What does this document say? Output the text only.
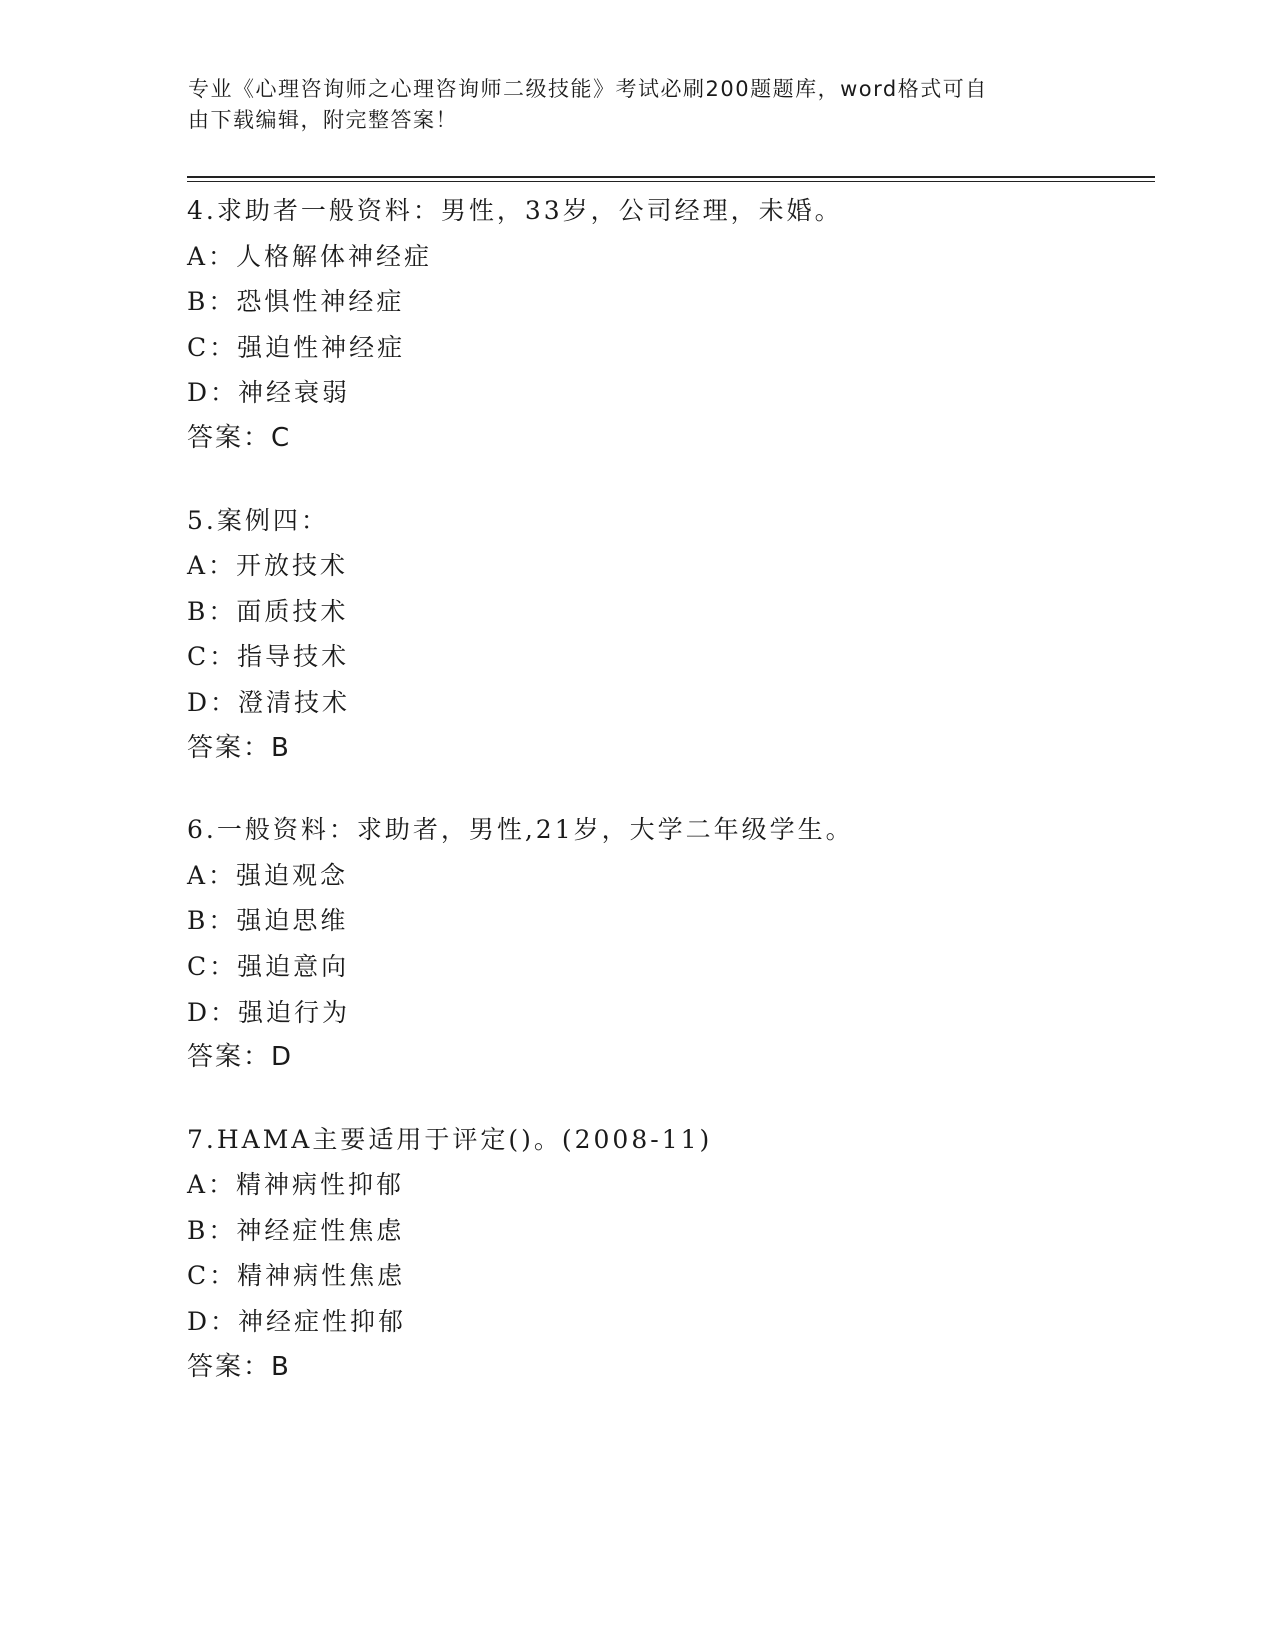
专业《心理咨询师之心理咨询师二级技能》考试必刷200题题库，word格式可自
由下载编辑，附完整答案！
4.求助者一般资料：男性，33岁，公司经理，未婚。
A：人格解体神经症
B：恐惧性神经症
C：强迫性神经症
D：神经衰弱
答案：C
5.案例四：
A：开放技术
B：面质技术
C：指导技术
D：澄清技术
答案：B
6.一般资料：求助者，男性,21岁，大学二年级学生。
A：强迫观念
B：强迫思维
C：强迫意向
D：强迫行为
答案：D
7.HAMA主要适用于评定()。(2008-11)
A：精神病性抑郁
B：神经症性焦虑
C：精神病性焦虑
D：神经症性抑郁
答案：B
